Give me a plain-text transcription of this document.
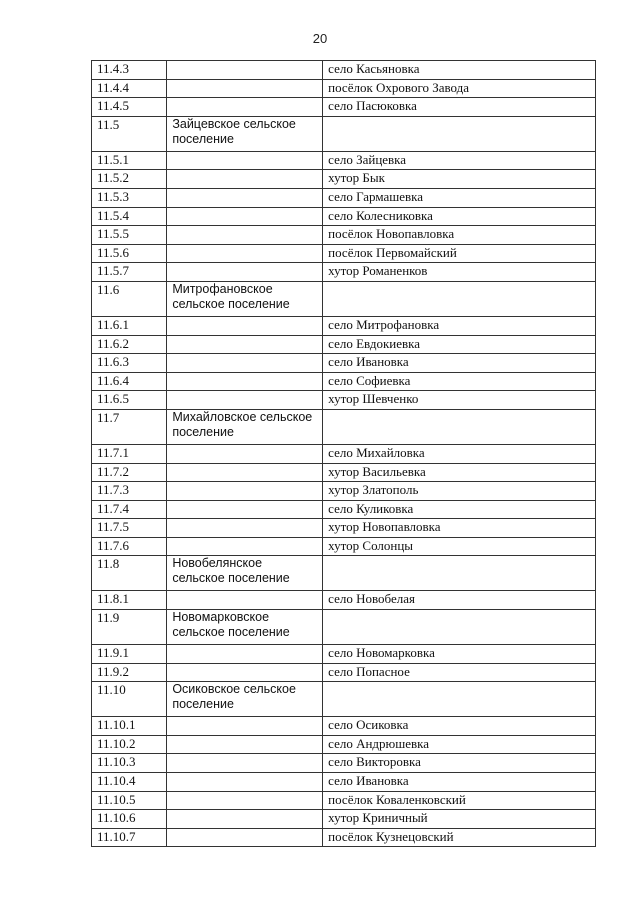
20
11.4.3		село Касьяновка
11.4.4		посёлок Охрового Завода
11.4.5		село Пасюковка
11.5	Зайцевское сельское поселение	
11.5.1		село Зайцевка
11.5.2		хутор Бык
11.5.3		село Гармашевка
11.5.4		село Колесниковка
11.5.5		посёлок Новопавловка
11.5.6		посёлок Первомайский
11.5.7		хутор Романенков
11.6	Митрофановское сельское поселение	
11.6.1		село Митрофановка
11.6.2		село Евдокиевка
11.6.3		село Ивановка
11.6.4		село Софиевка
11.6.5		хутор Шевченко
11.7	Михайловское сельское поселение	
11.7.1		село Михайловка
11.7.2		хутор Васильевка
11.7.3		хутор Златополь
11.7.4		село Куликовка
11.7.5		хутор Новопавловка
11.7.6		хутор Солонцы
11.8	Новобелянское сельское поселение	
11.8.1		село Новобелая
11.9	Новомарковское сельское поселение	
11.9.1		село Новомарковка
11.9.2		село Попасное
11.10	Осиковское сельское поселение	
11.10.1		село Осиковка
11.10.2		село Андрюшевка
11.10.3		село Викторовка
11.10.4		село Ивановка
11.10.5		посёлок Коваленковский
11.10.6		хутор Криничный
11.10.7		посёлок Кузнецовский
